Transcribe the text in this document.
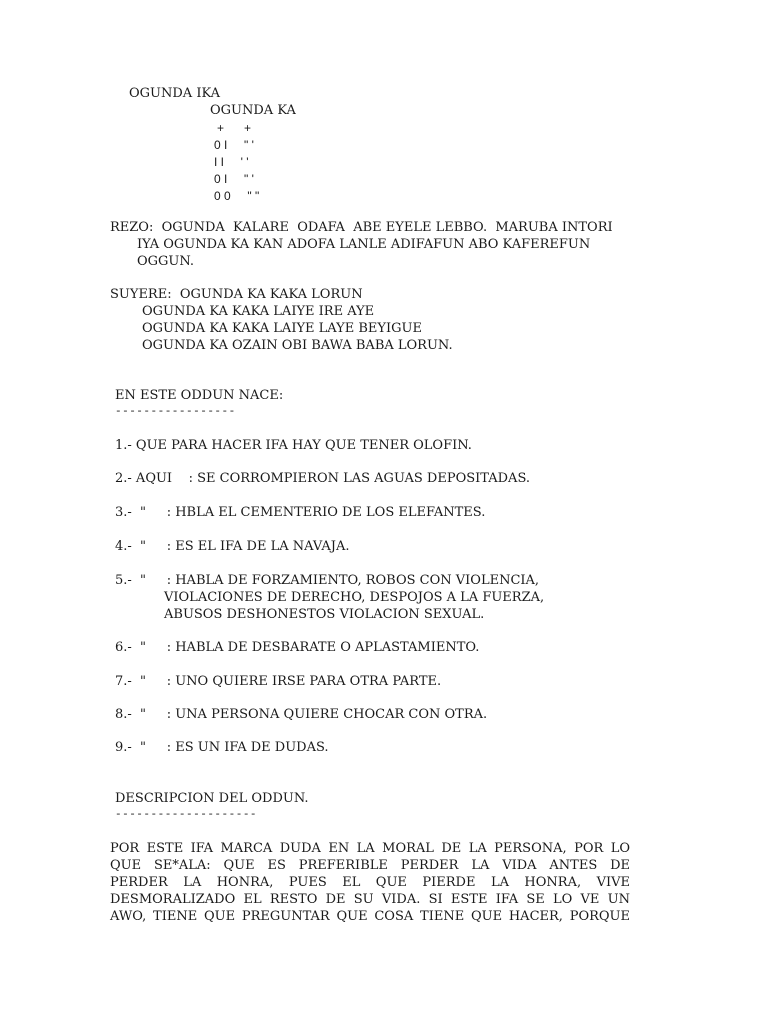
OGUNDA IKA
OGUNDA KA
+      +
0 I     " '
I I     ' '
0 I     " '
0 0     " "
REZO:  OGUNDA  KALARE  ODAFA  ABE EYELE LEBBO.  MARUBA INTORI
IYA OGUNDA KA KAN ADOFA LANLE ADIFAFUN ABO KAFEREFUN
OGGUN.
SUYERE:  OGUNDA KA KAKA LORUN
OGUNDA KA KAKA LAIYE IRE AYE
OGUNDA KA KAKA LAIYE LAYE BEYIGUE
OGUNDA KA OZAIN OBI BAWA BABA LORUN.
EN ESTE ODDUN NACE:
-----------------
1.- QUE PARA HACER IFA HAY QUE TENER OLOFIN.
2.- AQUI    : SE CORROMPIERON LAS AGUAS DEPOSITADAS.
3.-  "     : HBLA EL CEMENTERIO DE LOS ELEFANTES.
4.-  "     : ES EL IFA DE LA NAVAJA.
5.-  "     : HABLA DE FORZAMIENTO, ROBOS CON VIOLENCIA,
VIOLACIONES DE DERECHO, DESPOJOS A LA FUERZA,
ABUSOS DESHONESTOS VIOLACION SEXUAL.
6.-  "     : HABLA DE DESBARATE O APLASTAMIENTO.
7.-  "     : UNO QUIERE IRSE PARA OTRA PARTE.
8.-  "     : UNA PERSONA QUIERE CHOCAR CON OTRA.
9.-  "     : ES UN IFA DE DUDAS.
DESCRIPCION DEL ODDUN.
--------------------
POR ESTE IFA MARCA DUDA EN LA MORAL DE LA PERSONA, POR LO
QUE SE*ALA: QUE ES PREFERIBLE PERDER LA VIDA ANTES DE
PERDER LA HONRA, PUES EL QUE PIERDE LA HONRA, VIVE
DESMORALIZADO EL RESTO DE SU VIDA. SI ESTE IFA SE LO VE UN
AWO, TIENE QUE PREGUNTAR QUE COSA TIENE QUE HACER, PORQUE
